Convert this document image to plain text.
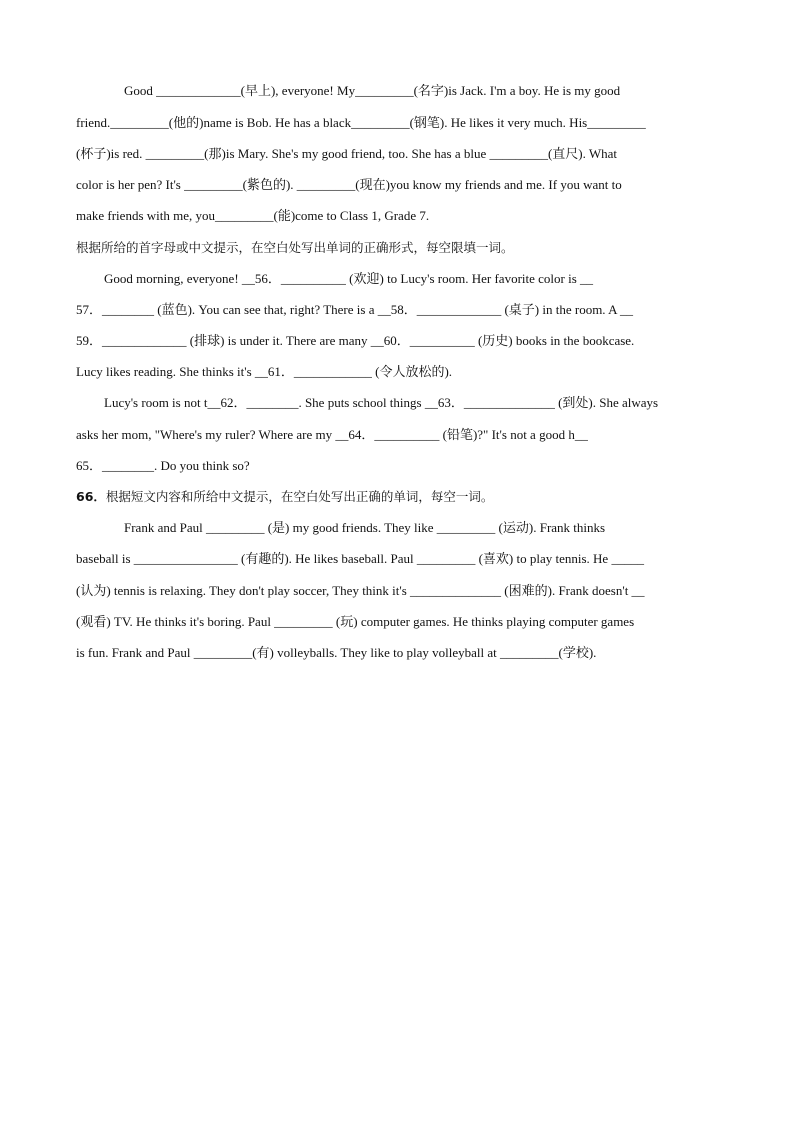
Good _____________(早上), everyone! My_________(名字)is Jack. I'm a boy. He is my good
friend._________(他的)name is Bob. He has a black_________(钢笔). He likes it very much. His_________
(杯子)is red. _________(那)is Mary. She's my good friend, too. She has a blue _________(直尺). What
color is her pen? It's _________(紫色的). _________(现在)you know my friends and me. If you want to
make friends with me, you_________(能)come to Class 1, Grade 7.
根据所给的首字母或中文提示，在空白处写出单词的正确形式，每空限填一词。
Good morning, everyone! __56．__________ (欢迎) to Lucy's room. Her favorite color is __
57．________ (蓝色). You can see that, right? There is a __58．_____________ (桌子) in the room. A __
59．_____________ (排球) is under it. There are many __60．__________ (历史) books in the bookcase.
Lucy likes reading. She thinks it's __61．____________ (令人放松的).
Lucy's room is not t__62．________. She puts school things __63．______________ (到处). She always
asks her mom, "Where's my ruler? Where are my __64．__________ (铅笔)?" It's not a good h__
65．________. Do you think so?
66．根据短文内容和所给中文提示，在空白处写出正确的单词，每空一词。
Frank and Paul _________ (是) my good friends. They like _________ (运动). Frank thinks
baseball is ________________ (有趣的). He likes baseball. Paul _________ (喜欢) to play tennis. He _____
(认为) tennis is relaxing. They don't play soccer, They think it's ______________ (困难的). Frank doesn't __
(观看) TV. He thinks it's boring. Paul _________ (玩) computer games. He thinks playing computer games
is fun. Frank and Paul _________(有) volleyballs. They like to play volleyball at _________(学校).
